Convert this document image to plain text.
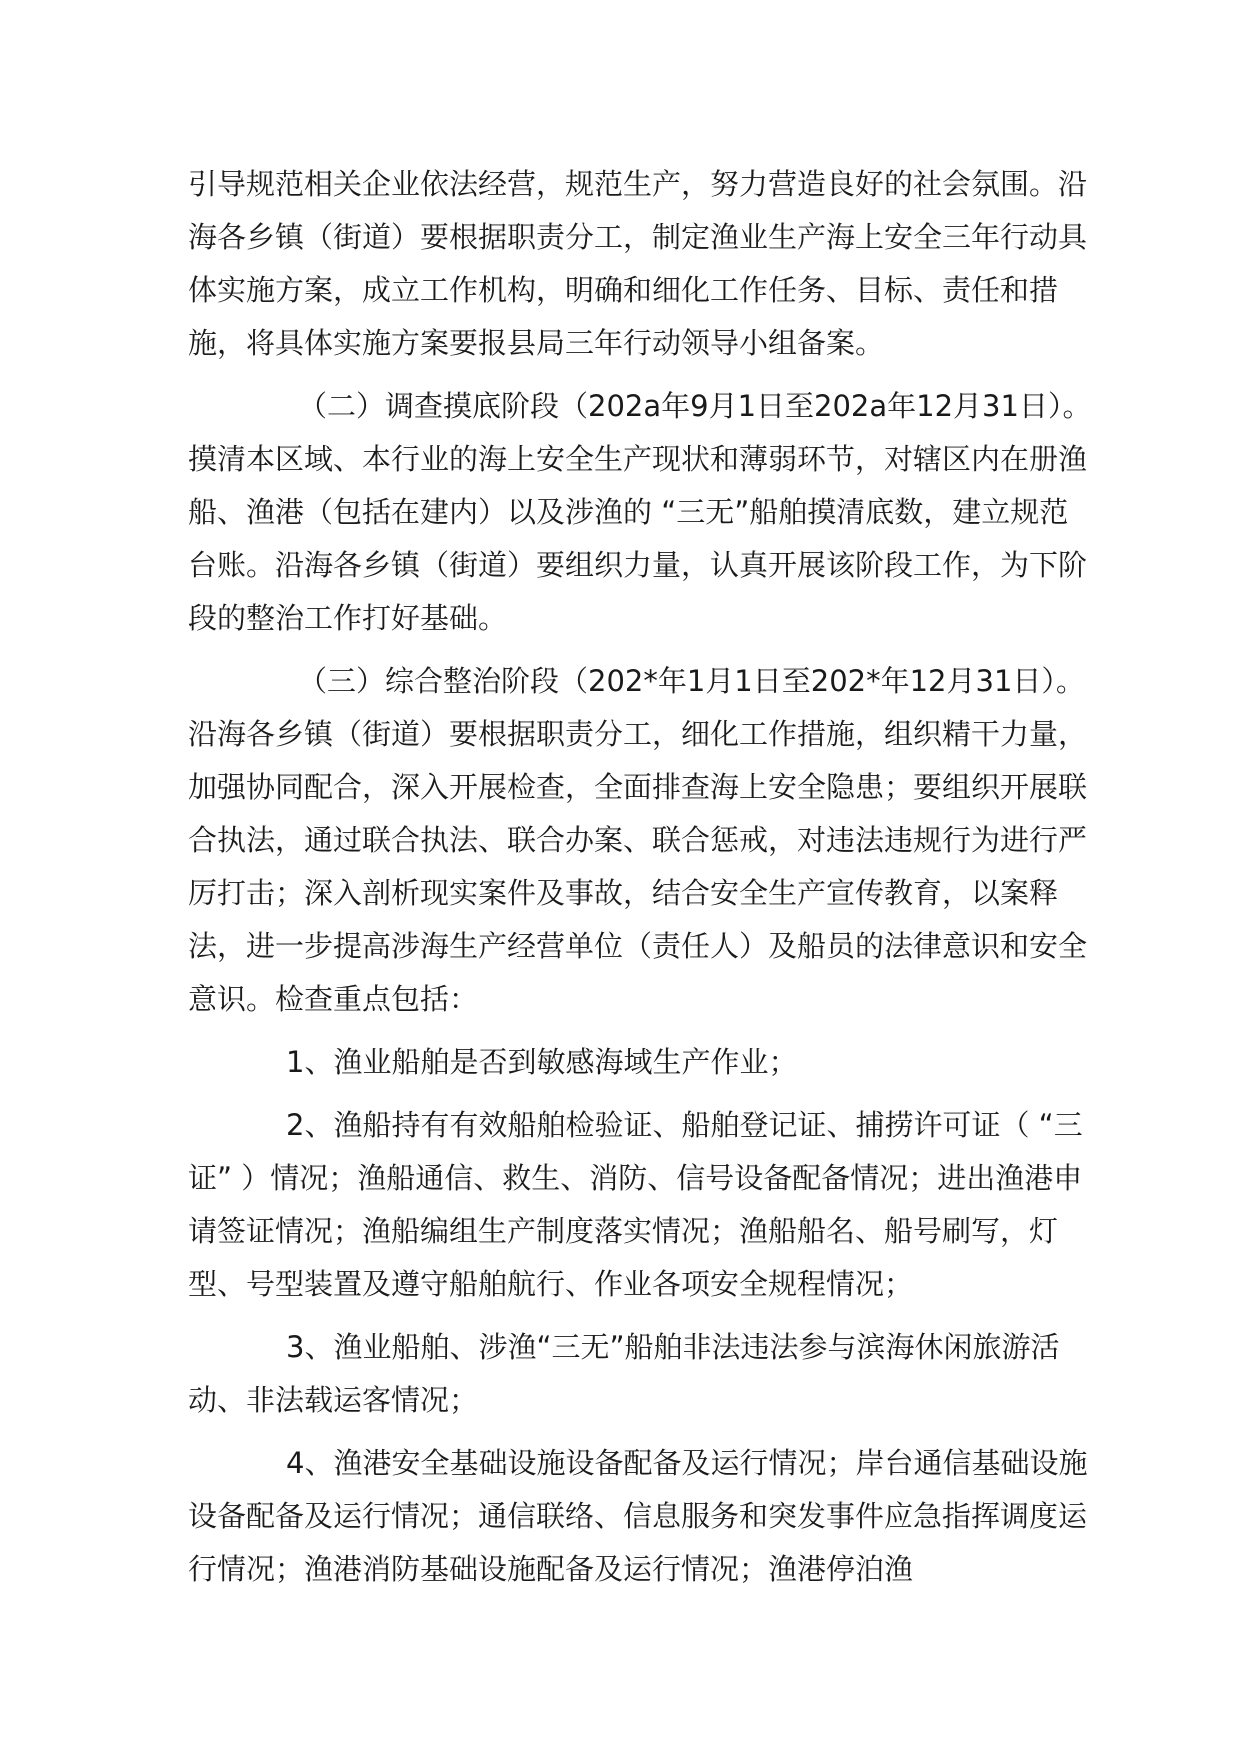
引导规范相关企业依法经营，规范生产，努力营造良好的社会氛围。沿海各乡镇（街道）要根据职责分工，制定渔业生产海上安全三年行动具体实施方案，成立工作机构，明确和细化工作任务、目标、责任和措施，将具体实施方案要报县局三年行动领导小组备案。

（二）调查摸底阶段（202a年9月1日至202a年12月31日）。摸清本区域、本行业的海上安全生产现状和薄弱环节，对辖区内在册渔船、渔港（包括在建内）以及涉渔的 “三无”船舶摸清底数，建立规范台账。沿海各乡镇（街道）要组织力量，认真开展该阶段工作，为下阶段的整治工作打好基础。

（三）综合整治阶段（202*年1月1日至202*年12月31日）。沿海各乡镇（街道）要根据职责分工，细化工作措施，组织精干力量，加强协同配合，深入开展检查，全面排查海上安全隐患；要组织开展联合执法，通过联合执法、联合办案、联合惩戒，对违法违规行为进行严厉打击；深入剖析现实案件及事故，结合安全生产宣传教育，以案释法，进一步提高涉海生产经营单位（责任人）及船员的法律意识和安全意识。检查重点包括：

1、渔业船舶是否到敏感海域生产作业；

2、渔船持有有效船舶检验证、船舶登记证、捕捞许可证（ “三证” ）情况；渔船通信、救生、消防、信号设备配备情况；进出渔港申请签证情况；渔船编组生产制度落实情况；渔船船名、船号刷写，灯型、号型装置及遵守船舶航行、作业各项安全规程情况；

3、渔业船舶、涉渔“三无”船舶非法违法参与滨海休闲旅游活动、非法载运客情况；

4、渔港安全基础设施设备配备及运行情况；岸台通信基础设施设备配备及运行情况；通信联络、信息服务和突发事件应急指挥调度运行情况；渔港消防基础设施配备及运行情况；渔港停泊渔
